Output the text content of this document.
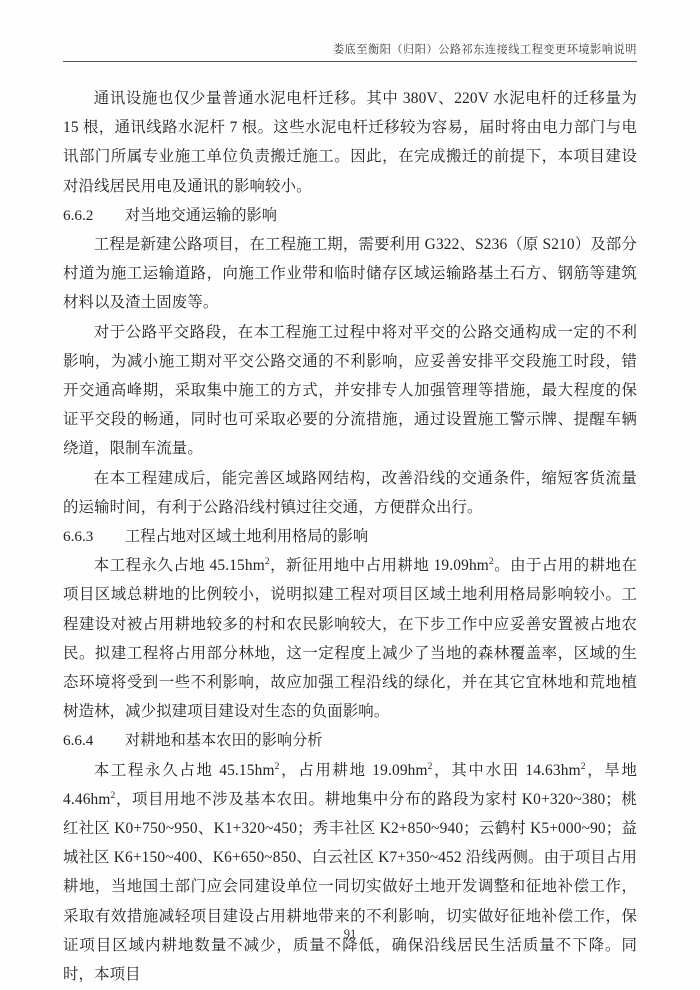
娄底至衡阳（归阳）公路祁东连接线工程变更环境影响说明

通讯设施也仅少量普通水泥电杆迁移。其中 380V、220V 水泥电杆的迁移量为 15 根，通讯线路水泥杆 7 根。这些水泥电杆迁移较为容易，届时将由电力部门与电讯部门所属专业施工单位负责搬迁施工。因此，在完成搬迁的前提下，本项目建设对沿线居民用电及通讯的影响较小。

6.6.2	对当地交通运输的影响

工程是新建公路项目，在工程施工期，需要利用 G322、S236（原 S210）及部分村道为施工运输道路，向施工作业带和临时储存区域运输路基土石方、钢筋等建筑材料以及渣土固废等。

对于公路平交路段，在本工程施工过程中将对平交的公路交通构成一定的不利影响，为减小施工期对平交公路交通的不利影响，应妥善安排平交段施工时段，错开交通高峰期，采取集中施工的方式，并安排专人加强管理等措施，最大程度的保证平交段的畅通，同时也可采取必要的分流措施，通过设置施工警示牌、提醒车辆绕道，限制车流量。

在本工程建成后，能完善区域路网结构，改善沿线的交通条件，缩短客货流量的运输时间，有利于公路沿线村镇过往交通，方便群众出行。

6.6.3	工程占地对区域土地利用格局的影响

本工程永久占地 $45.15hm^2$，新征用地中占用耕地 $19.09hm^2$。由于占用的耕地在项目区域总耕地的比例较小，说明拟建工程对项目区域土地利用格局影响较小。工程建设对被占用耕地较多的村和农民影响较大，在下步工作中应妥善安置被占地农民。拟建工程将占用部分林地，这一定程度上减少了当地的森林覆盖率，区域的生态环境将受到一些不利影响，故应加强工程沿线的绿化，并在其它宜林地和荒地植树造林，减少拟建项目建设对生态的负面影响。

6.6.4	对耕地和基本农田的影响分析

本工程永久占地 $45.15hm^2$，占用耕地 $19.09hm^2$，其中水田 $14.63hm^2$，旱地 $4.46hm^2$，项目用地不涉及基本农田。耕地集中分布的路段为家村 K0+320~380；桃红社区 K0+750~950、K1+320~450；秀丰社区 K2+850~940；云鹤村 K5+000~90；益城社区 K6+150~400、K6+650~850、白云社区 K7+350~452 沿线两侧。由于项目占用耕地，当地国土部门应会同建设单位一同切实做好土地开发调整和征地补偿工作，采取有效措施减轻项目建设占用耕地带来的不利影响，切实做好征地补偿工作，保证项目区域内耕地数量不减少，质量不降低，确保沿线居民生活质量不下降。同时，本项目

91
